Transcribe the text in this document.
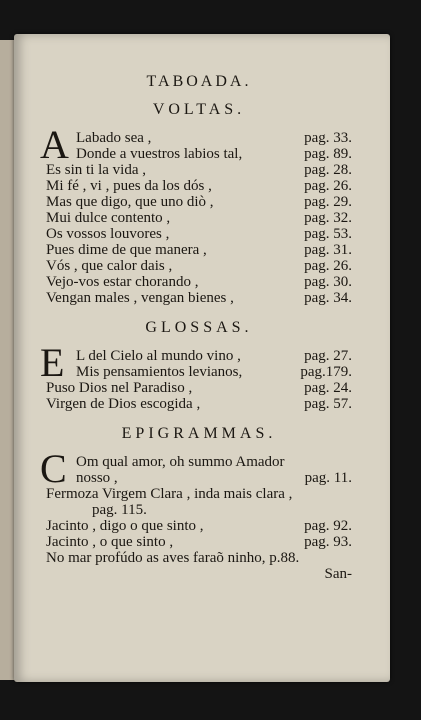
TABOADA.
VOLTAS.
A Labado sea ,	pag. 33.
Donde a vuestros labios tal,	pag. 89.
Es sin ti la vida ,	pag. 28.
Mi fé , vi , pues da los dós ,	pag. 26.
Mas que digo, que uno diò ,	pag. 29.
Mui dulce contento ,	pag. 32.
Os vossos louvores ,	pag. 53.
Pues dime de que manera ,	pag. 31.
Vós , que calor dais ,	pag. 26.
Vejo-vos estar chorando ,	pag. 30.
Vengan males , vengan bienes ,	pag. 34.
GLOSSAS.
E L del Cielo al mundo vino ,	pag. 27.
Mis pensamientos levianos,	pag.179.
Puso Dios nel Paradiso ,	pag. 24.
Virgen de Dios escogida ,	pag. 57.
EPIGRAMMAS.
C Om qual amor, oh summo Amador
nosso ,	pag. 11.
Fermoza Virgem Clara , inda mais clara ,
pag. 115.
Jacinto , digo o que sinto ,	pag. 92.
Jacinto , o que sinto ,	pag. 93.
No mar profúdo as aves faraõ ninho, p.88.
San-
